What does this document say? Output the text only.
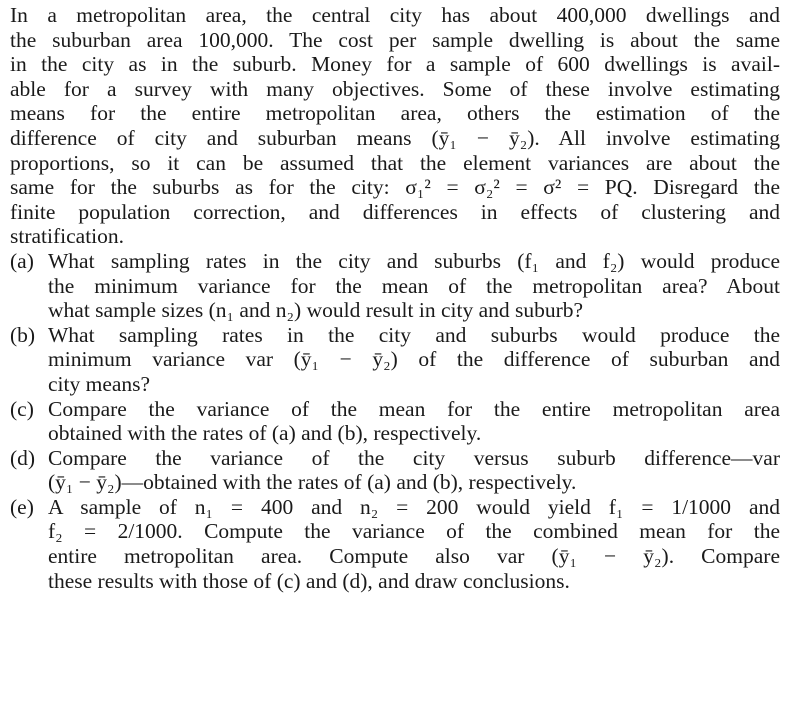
In a metropolitan area, the central city has about 400,000 dwellings and
the suburban area 100,000. The cost per sample dwelling is about the same
in the city as in the suburb. Money for a sample of 600 dwellings is avail-
able for a survey with many objectives. Some of these involve estimating
means for the entire metropolitan area, others the estimation of the
difference of city and suburban means (ȳ₁ − ȳ₂). All involve estimating
proportions, so it can be assumed that the element variances are about the
same for the suburbs as for the city: σ₁² = σ₂² = σ² = PQ. Disregard the
finite population correction, and differences in effects of clustering and
stratification.
(a) What sampling rates in the city and suburbs (f₁ and f₂) would produce
the minimum variance for the mean of the metropolitan area? About
what sample sizes (n₁ and n₂) would result in city and suburb?
(b) What sampling rates in the city and suburbs would produce the
minimum variance var (ȳ₁ − ȳ₂) of the difference of suburban and
city means?
(c) Compare the variance of the mean for the entire metropolitan area
obtained with the rates of (a) and (b), respectively.
(d) Compare the variance of the city versus suburb difference—var
(ȳ₁ − ȳ₂)—obtained with the rates of (a) and (b), respectively.
(e) A sample of n₁ = 400 and n₂ = 200 would yield f₁ = 1/1000 and
f₂ = 2/1000. Compute the variance of the combined mean for the
entire metropolitan area. Compute also var (ȳ₁ − ȳ₂). Compare
these results with those of (c) and (d), and draw conclusions.
